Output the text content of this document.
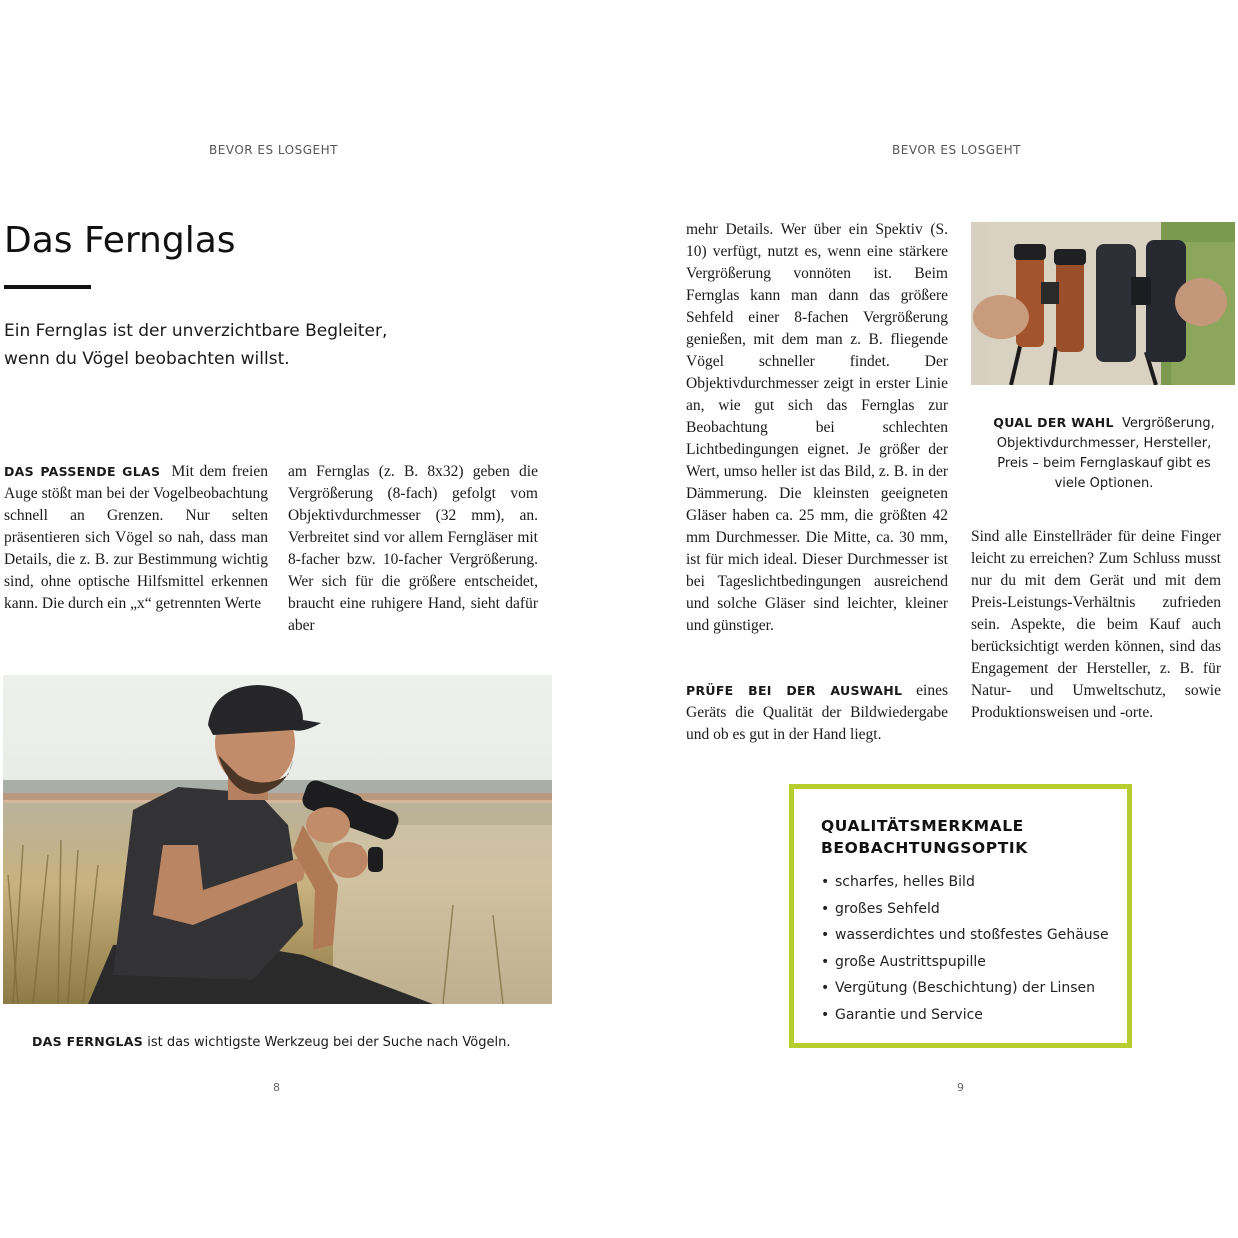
BEVOR ES LOSGEHT
Das Fernglas
Ein Fernglas ist der unverzichtbare Begleiter, wenn du Vögel beobachten willst.
DAS PASSENDE GLAS Mit dem freien Auge stößt man bei der Vogelbeobachtung schnell an Grenzen. Nur selten präsentieren sich Vögel so nah, dass man Details, die z. B. zur Bestimmung wichtig sind, ohne optische Hilfsmittel erkennen kann. Die durch ein „x“ getrennten Werte
am Fernglas (z. B. 8x32) geben die Vergrößerung (8-fach) gefolgt vom Objektivdurchmesser (32 mm), an. Verbreitet sind vor allem Ferngläser mit 8-facher bzw. 10-facher Vergrößerung. Wer sich für die größere entscheidet, braucht eine ruhigere Hand, sieht dafür aber
DAS FERNGLAS ist das wichtigste Werkzeug bei der Suche nach Vögeln.
8
BEVOR ES LOSGEHT
mehr Details. Wer über ein Spektiv (S. 10) verfügt, nutzt es, wenn eine stärkere Vergrößerung vonnöten ist. Beim Fernglas kann man dann das größere Sehfeld einer 8-fachen Vergrößerung genießen, mit dem man z. B. fliegende Vögel schneller findet. Der Objektivdurchmesser zeigt in erster Linie an, wie gut sich das Fernglas zur Beobachtung bei schlechten Lichtbedingungen eignet. Je größer der Wert, umso heller ist das Bild, z. B. in der Dämmerung. Die kleinsten geeigneten Gläser haben ca. 25 mm, die größten 42 mm Durchmesser. Die Mitte, ca. 30 mm, ist für mich ideal. Dieser Durchmesser ist bei Tageslichtbedingungen ausreichend und solche Gläser sind leichter, kleiner und günstiger.
PRÜFE BEI DER AUSWAHL eines Geräts die Qualität der Bildwiedergabe und ob es gut in der Hand liegt.
QUAL DER WAHL Vergrößerung, Objektivdurchmesser, Hersteller, Preis – beim Fernglaskauf gibt es viele Optionen.
Sind alle Einstellräder für deine Finger leicht zu erreichen? Zum Schluss musst nur du mit dem Gerät und mit dem Preis-Leistungs-Verhältnis zufrieden sein. Aspekte, die beim Kauf auch berücksichtigt werden können, sind das Engagement der Hersteller, z. B. für Natur- und Umweltschutz, sowie Produktionsweisen und -orte.

QUALITÄTSMERKMALE

BEOBACHTUNGSOPTIK

• scharfes, helles Bild
• großes Sehfeld
• wasserdichtes und stoßfestes Gehäuse
• große Austrittspupille
• Vergütung (Beschichtung) der Linsen
• Garantie und Service
9
